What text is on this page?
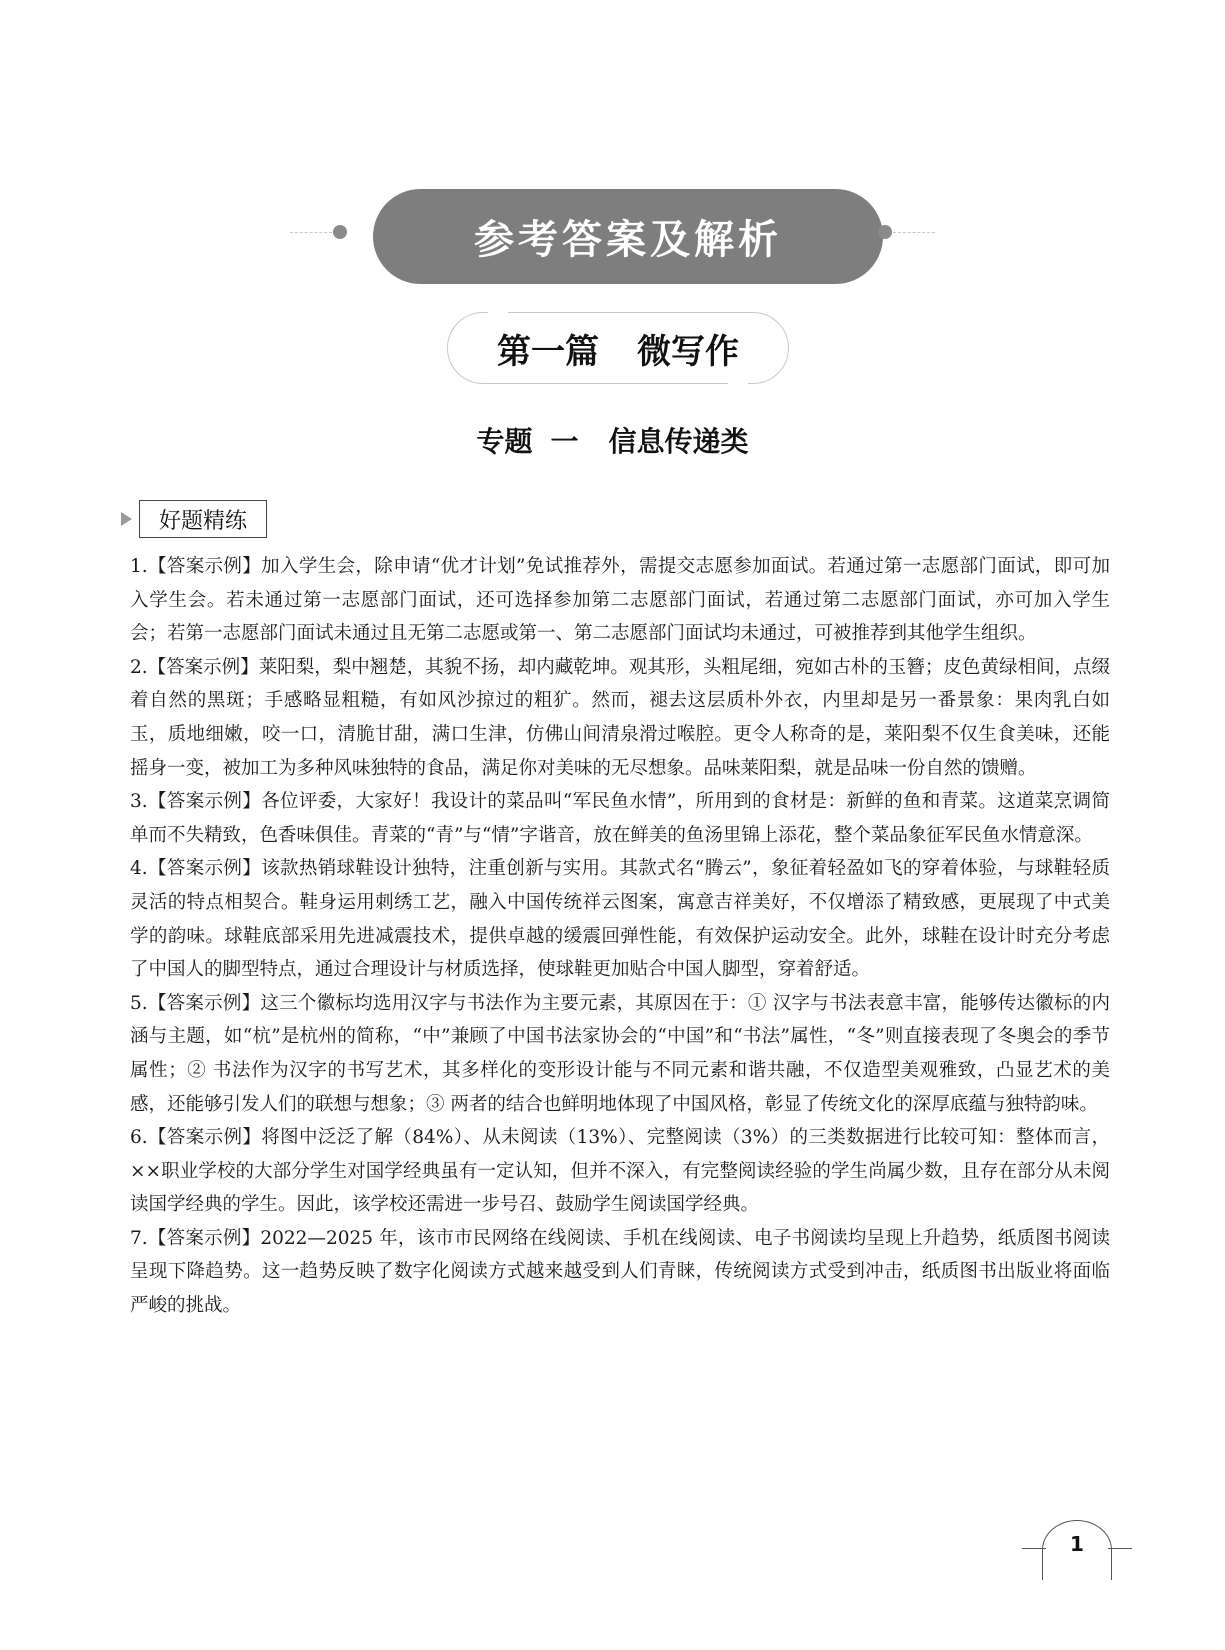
参考答案及解析
第一篇 微写作
专题 一 信息传递类
好题精练

1.【答案示例】加入学生会，除申请“优才计划”免试推荐外，需提交志愿参加面试。若通过第一志愿部门面试，即可加入学生会。若未通过第一志愿部门面试，还可选择参加第二志愿部门面试，若通过第二志愿部门面试，亦可加入学生会；若第一志愿部门面试未通过且无第二志愿或第一、第二志愿部门面试均未通过，可被推荐到其他学生组织。

2.【答案示例】莱阳梨，梨中翘楚，其貌不扬，却内藏乾坤。观其形，头粗尾细，宛如古朴的玉簪；皮色黄绿相间，点缀着自然的黑斑；手感略显粗糙，有如风沙掠过的粗犷。然而，褪去这层质朴外衣，内里却是另一番景象：果肉乳白如玉，质地细嫩，咬一口，清脆甘甜，满口生津，仿佛山间清泉滑过喉腔。更令人称奇的是，莱阳梨不仅生食美味，还能摇身一变，被加工为多种风味独特的食品，满足你对美味的无尽想象。品味莱阳梨，就是品味一份自然的馈赠。

3.【答案示例】各位评委，大家好！我设计的菜品叫“军民鱼水情”，所用到的食材是：新鲜的鱼和青菜。这道菜烹调简单而不失精致，色香味俱佳。青菜的“青”与“情”字谐音，放在鲜美的鱼汤里锦上添花，整个菜品象征军民鱼水情意深。

4.【答案示例】该款热销球鞋设计独特，注重创新与实用。其款式名“腾云”，象征着轻盈如飞的穿着体验，与球鞋轻质灵活的特点相契合。鞋身运用刺绣工艺，融入中国传统祥云图案，寓意吉祥美好，不仅增添了精致感，更展现了中式美学的韵味。球鞋底部采用先进减震技术，提供卓越的缓震回弹性能，有效保护运动安全。此外，球鞋在设计时充分考虑了中国人的脚型特点，通过合理设计与材质选择，使球鞋更加贴合中国人脚型，穿着舒适。

5.【答案示例】这三个徽标均选用汉字与书法作为主要元素，其原因在于：① 汉字与书法表意丰富，能够传达徽标的内涵与主题，如“杭”是杭州的简称，“中”兼顾了中国书法家协会的“中国”和“书法”属性，“冬”则直接表现了冬奥会的季节属性；② 书法作为汉字的书写艺术，其多样化的变形设计能与不同元素和谐共融，不仅造型美观雅致，凸显艺术的美感，还能够引发人们的联想与想象；③ 两者的结合也鲜明地体现了中国风格，彰显了传统文化的深厚底蕴与独特韵味。

6.【答案示例】将图中泛泛了解（84%）、从未阅读（13%）、完整阅读（3%）的三类数据进行比较可知：整体而言，××职业学校的大部分学生对国学经典虽有一定认知，但并不深入，有完整阅读经验的学生尚属少数，且存在部分从未阅读国学经典的学生。因此，该学校还需进一步号召、鼓励学生阅读国学经典。

7.【答案示例】2022—2025 年，该市市民网络在线阅读、手机在线阅读、电子书阅读均呈现上升趋势，纸质图书阅读呈现下降趋势。这一趋势反映了数字化阅读方式越来越受到人们青睐，传统阅读方式受到冲击，纸质图书出版业将面临严峻的挑战。

1
